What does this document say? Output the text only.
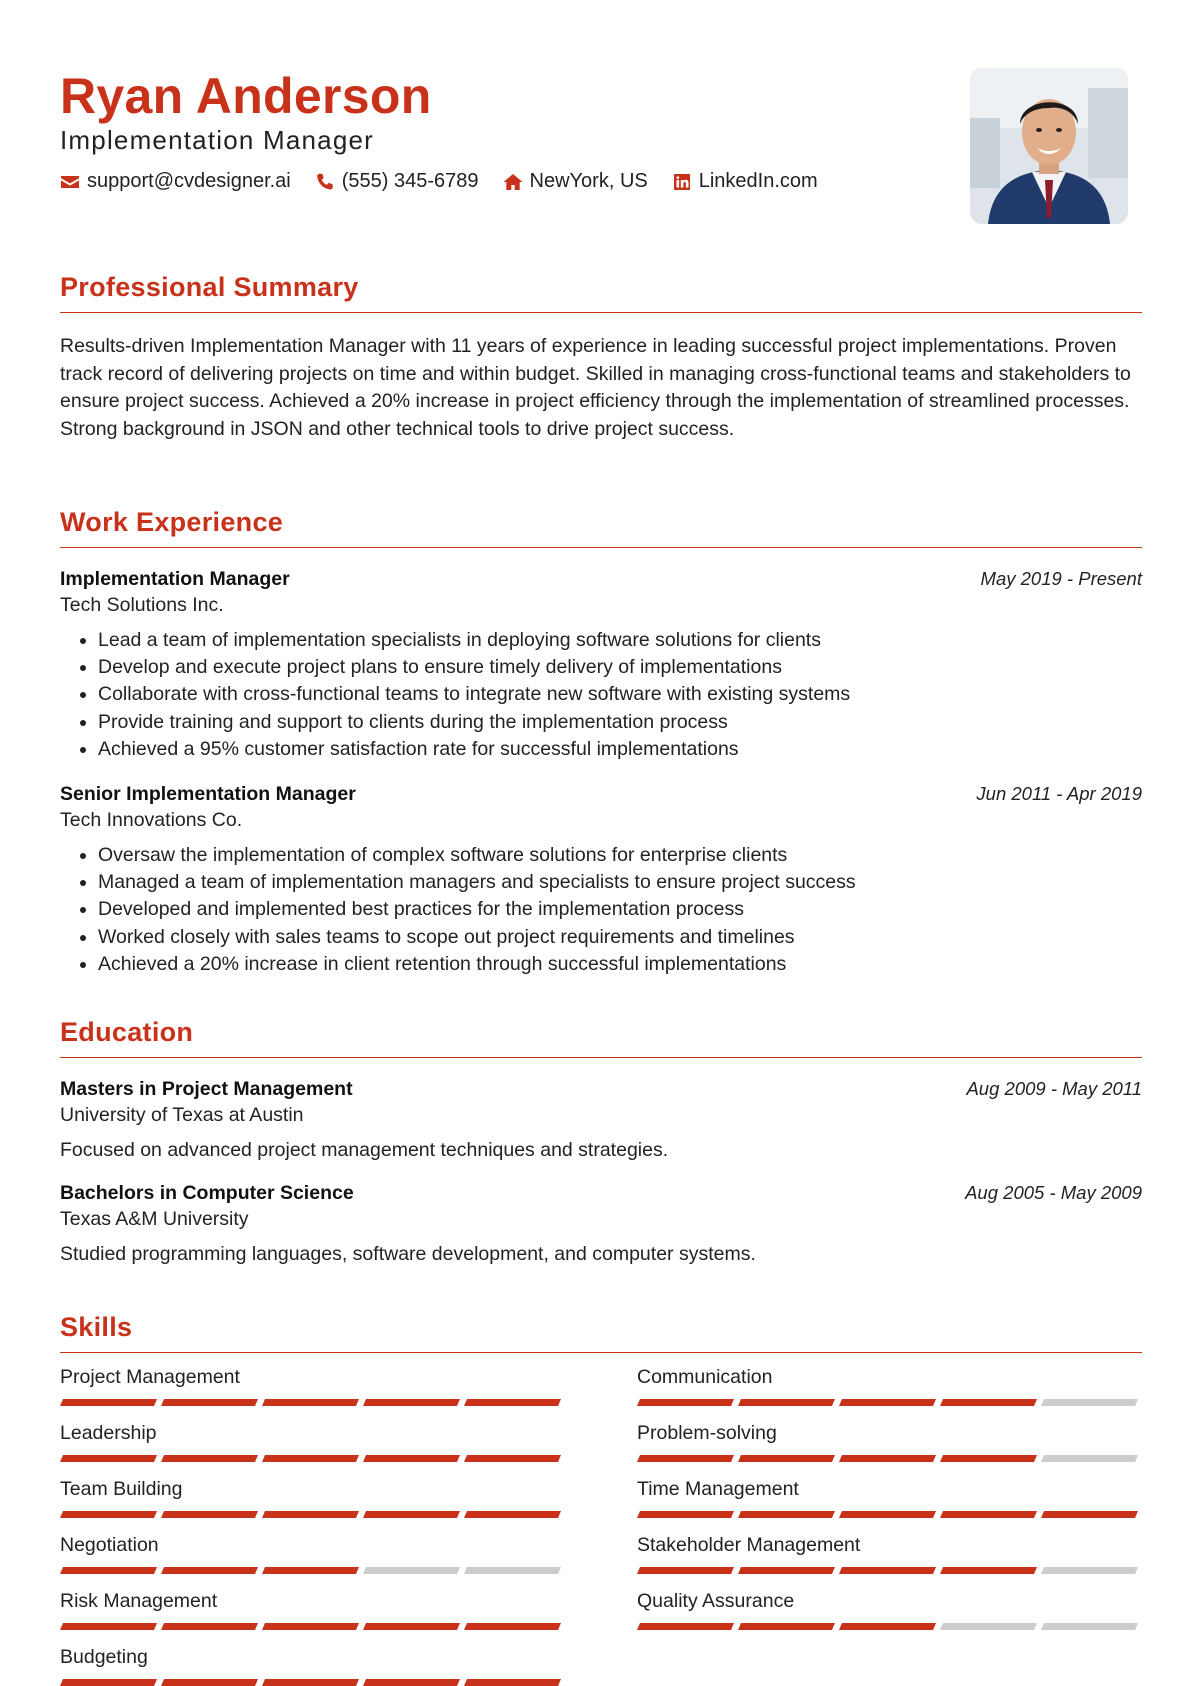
Ryan Anderson
Implementation Manager
support@cvdesigner.ai	(555) 345-6789	NewYork, US	LinkedIn.com
Professional Summary
Results-driven Implementation Manager with 11 years of experience in leading successful project implementations. Proven track record of delivering projects on time and within budget. Skilled in managing cross-functional teams and stakeholders to ensure project success. Achieved a 20% increase in project efficiency through the implementation of streamlined processes. Strong background in JSON and other technical tools to drive project success.
Work Experience
Implementation Manager	May 2019 - Present
Tech Solutions Inc.
• Lead a team of implementation specialists in deploying software solutions for clients
• Develop and execute project plans to ensure timely delivery of implementations
• Collaborate with cross-functional teams to integrate new software with existing systems
• Provide training and support to clients during the implementation process
• Achieved a 95% customer satisfaction rate for successful implementations
Senior Implementation Manager	Jun 2011 - Apr 2019
Tech Innovations Co.
• Oversaw the implementation of complex software solutions for enterprise clients
• Managed a team of implementation managers and specialists to ensure project success
• Developed and implemented best practices for the implementation process
• Worked closely with sales teams to scope out project requirements and timelines
• Achieved a 20% increase in client retention through successful implementations
Education
Masters in Project Management	Aug 2009 - May 2011
University of Texas at Austin
Focused on advanced project management techniques and strategies.
Bachelors in Computer Science	Aug 2005 - May 2009
Texas A&M University
Studied programming languages, software development, and computer systems.
Skills
Project Management	Communication
Leadership	Problem-solving
Team Building	Time Management
Negotiation	Stakeholder Management
Risk Management	Quality Assurance
Budgeting
